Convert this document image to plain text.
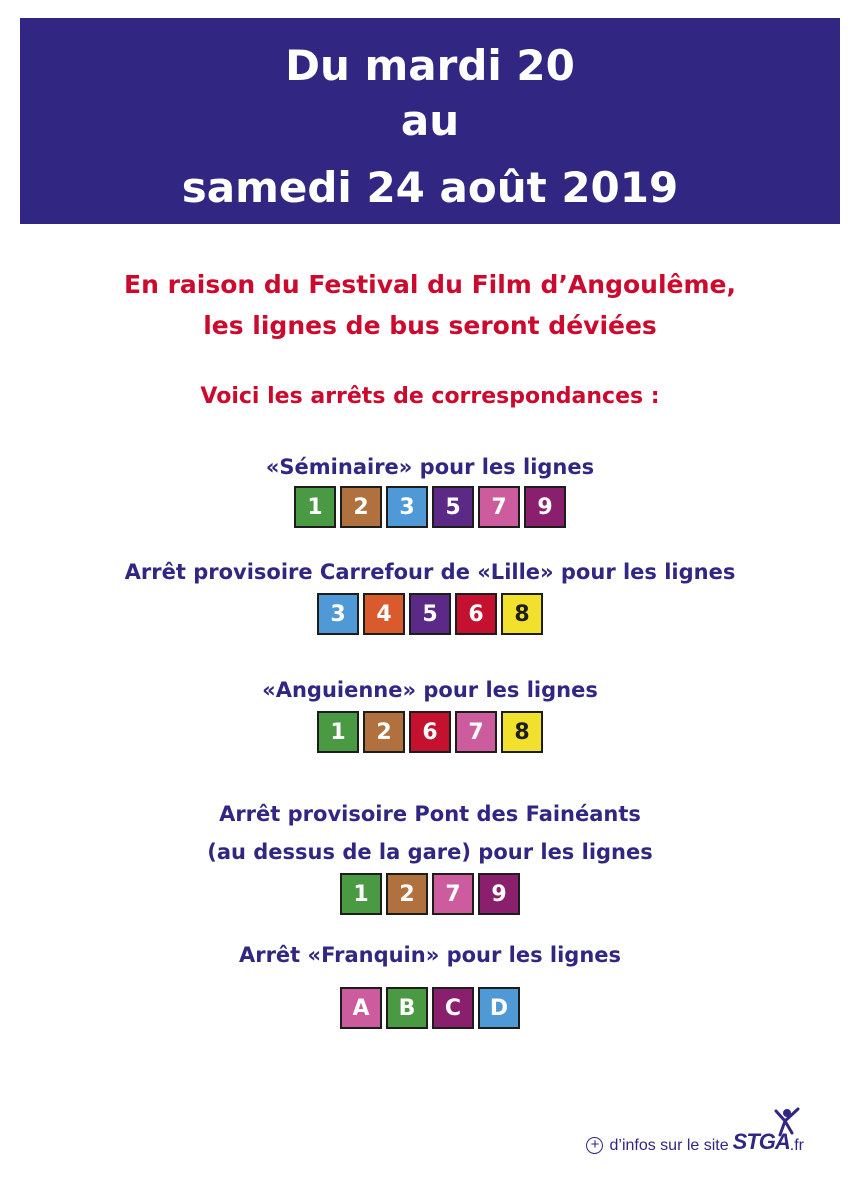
Du mardi 20
au
samedi 24 août 2019
En raison du Festival du Film d’Angoulême,
les lignes de bus seront déviées
Voici les arrêts de correspondances :
«Séminaire» pour les lignes
1	2	3	5	7	9
Arrêt provisoire Carrefour de «Lille» pour les lignes
3	4	5	6	8
«Anguienne» pour les lignes
1	2	6	7	8
Arrêt provisoire Pont des Fainéants
(au dessus de la gare) pour les lignes
1	2	7	9
Arrêt «Franquin» pour les lignes
A	B	C	D
+ d’infos sur le site STGA .fr
